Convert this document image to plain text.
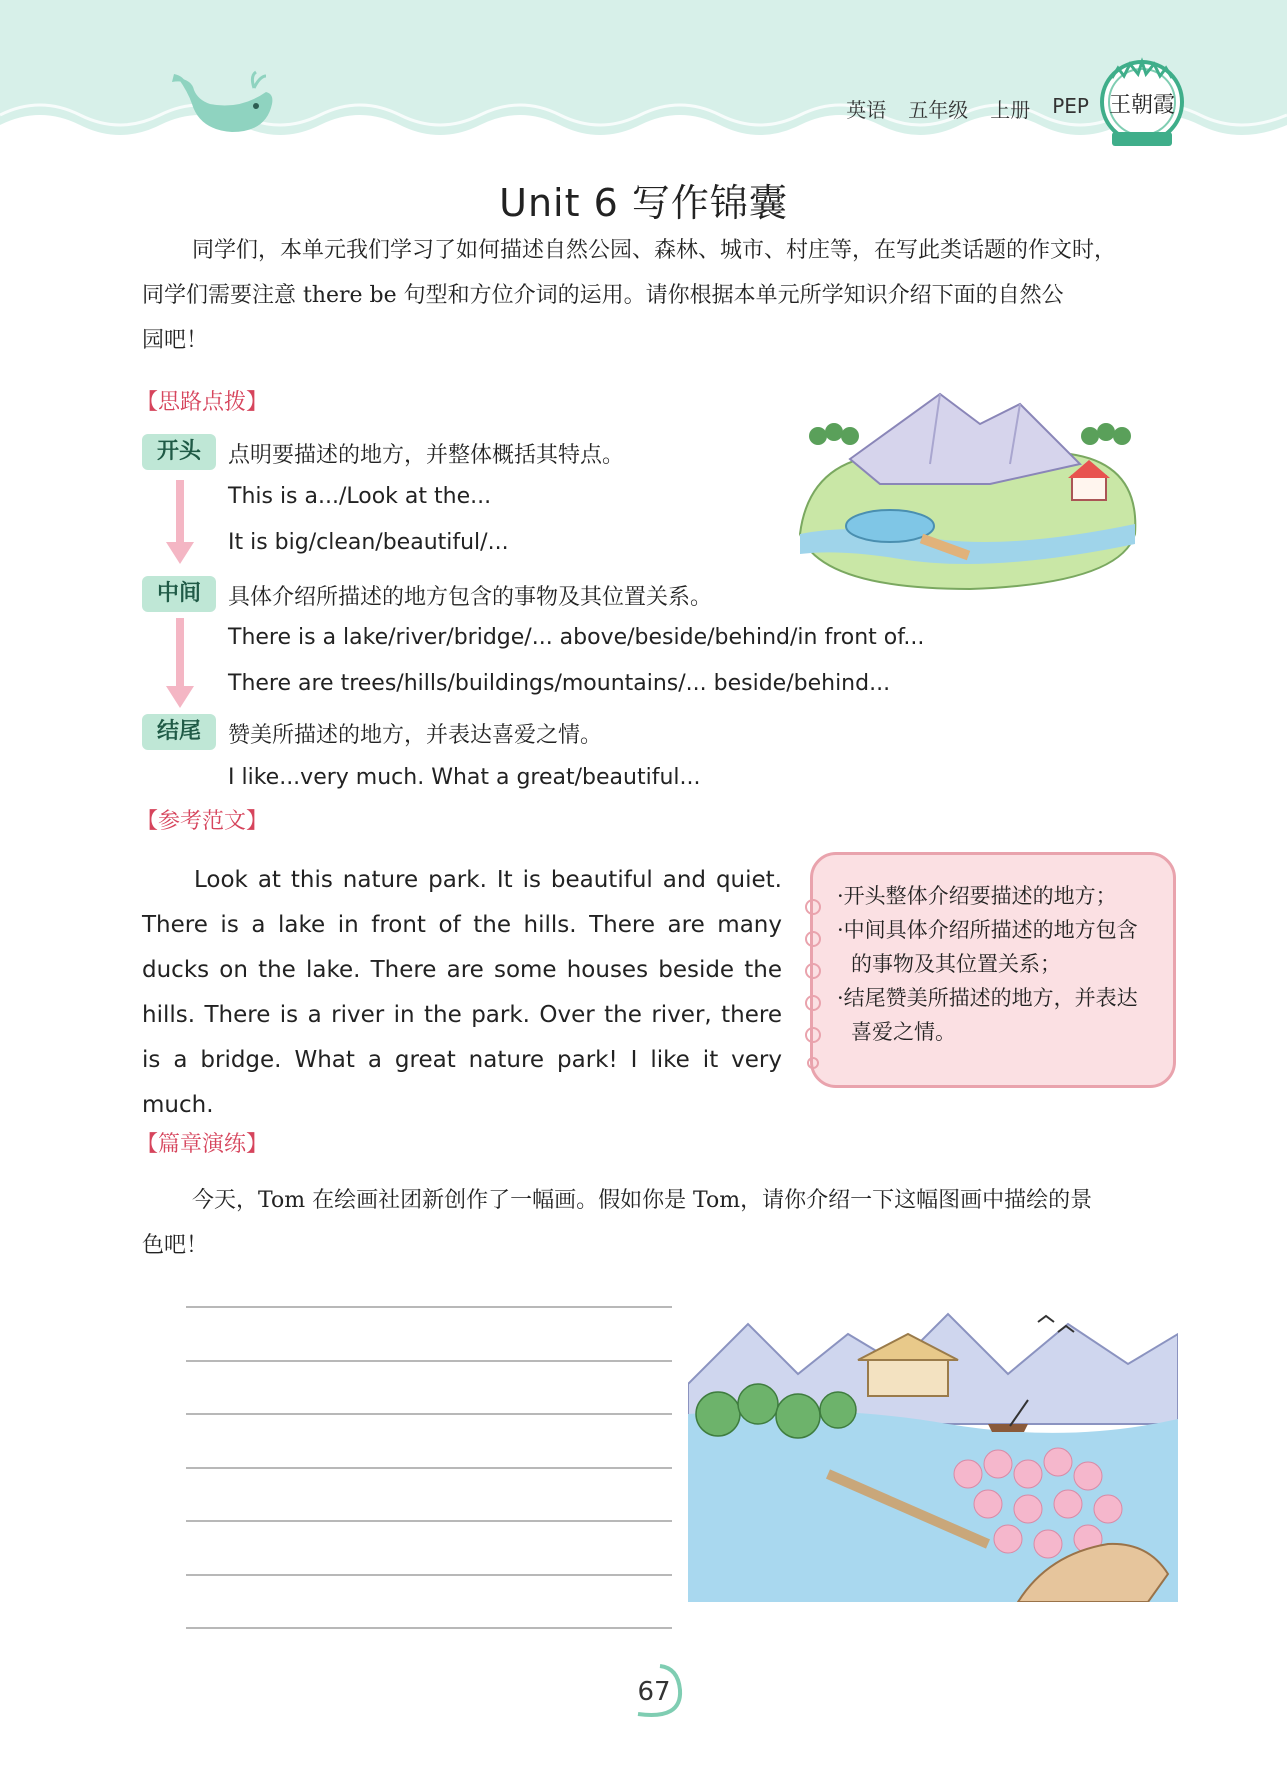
英语 五年级 上册 PEP 王朝霞
Unit 6 写作锦囊
同学们，本单元我们学习了如何描述自然公园、森林、城市、村庄等，在写此类话题的作文时，
同学们需要注意 there be 句型和方位介词的运用。请你根据本单元所学知识介绍下面的自然公
园吧！
【思路点拨】
开头	点明要描述的地方，并整体概括其特点。
This is a.../Look at the...
It is big/clean/beautiful/...
中间	具体介绍所描述的地方包含的事物及其位置关系。
There is a lake/river/bridge/... above/beside/behind/in front of...
There are trees/hills/buildings/mountains/... beside/behind...
结尾	赞美所描述的地方，并表达喜爱之情。
I like...very much. What a great/beautiful...
【参考范文】
Look at this nature park. It is beautiful and quiet. There is a lake in front of the hills. There are many ducks on the lake. There are some houses beside the hills. There is a river in the park. Over the river, there is a bridge. What a great nature park! I like it very much.
·开头整体介绍要描述的地方；
·中间具体介绍所描述的地方包含的事物及其位置关系；
·结尾赞美所描述的地方，并表达喜爱之情。
【篇章演练】
今天，Tom 在绘画社团新创作了一幅画。假如你是 Tom，请你介绍一下这幅图画中描绘的景
色吧！
67
